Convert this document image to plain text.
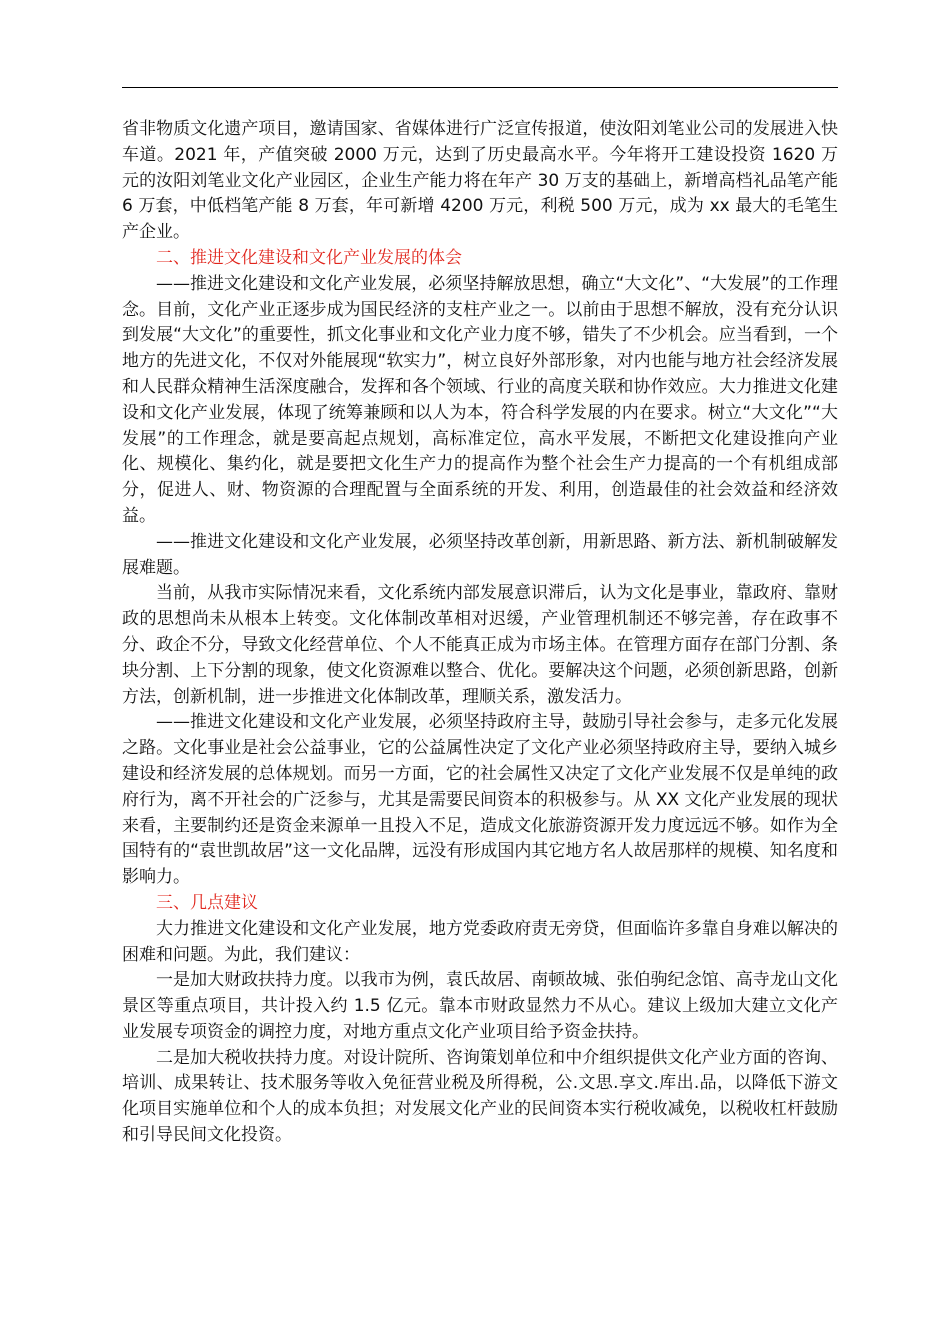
省非物质文化遗产项目，邀请国家、省媒体进行广泛宣传报道，使汝阳刘笔业公司的发展进入快车道。2021 年，产值突破 2000 万元，达到了历史最高水平。今年将开工建设投资 1620 万元的汝阳刘笔业文化产业园区，企业生产能力将在年产 30 万支的基础上，新增高档礼品笔产能 6 万套，中低档笔产能 8 万套，年可新增 4200 万元，利税 500 万元，成为 xx 最大的毛笔生产企业。

二、推进文化建设和文化产业发展的体会

——推进文化建设和文化产业发展，必须坚持解放思想，确立“大文化”、“大发展”的工作理念。目前，文化产业正逐步成为国民经济的支柱产业之一。以前由于思想不解放，没有充分认识到发展“大文化”的重要性，抓文化事业和文化产业力度不够，错失了不少机会。应当看到，一个地方的先进文化，不仅对外能展现“软实力”，树立良好外部形象，对内也能与地方社会经济发展和人民群众精神生活深度融合，发挥和各个领域、行业的高度关联和协作效应。大力推进文化建设和文化产业发展，体现了统筹兼顾和以人为本，符合科学发展的内在要求。树立“大文化”“大发展”的工作理念，就是要高起点规划，高标准定位，高水平发展，不断把文化建设推向产业化、规模化、集约化，就是要把文化生产力的提高作为整个社会生产力提高的一个有机组成部分，促进人、财、物资源的合理配置与全面系统的开发、利用，创造最佳的社会效益和经济效益。

——推进文化建设和文化产业发展，必须坚持改革创新，用新思路、新方法、新机制破解发展难题。

当前，从我市实际情况来看，文化系统内部发展意识滞后，认为文化是事业，靠政府、靠财政的思想尚未从根本上转变。文化体制改革相对迟缓，产业管理机制还不够完善，存在政事不分、政企不分，导致文化经营单位、个人不能真正成为市场主体。在管理方面存在部门分割、条块分割、上下分割的现象，使文化资源难以整合、优化。要解决这个问题，必须创新思路，创新方法，创新机制，进一步推进文化体制改革，理顺关系，激发活力。

——推进文化建设和文化产业发展，必须坚持政府主导，鼓励引导社会参与，走多元化发展之路。文化事业是社会公益事业，它的公益属性决定了文化产业必须坚持政府主导，要纳入城乡建设和经济发展的总体规划。而另一方面，它的社会属性又决定了文化产业发展不仅是单纯的政府行为，离不开社会的广泛参与，尤其是需要民间资本的积极参与。从 XX 文化产业发展的现状来看，主要制约还是资金来源单一且投入不足，造成文化旅游资源开发力度远远不够。如作为全国特有的“袁世凯故居”这一文化品牌，远没有形成国内其它地方名人故居那样的规模、知名度和影响力。

三、几点建议

大力推进文化建设和文化产业发展，地方党委政府责无旁贷，但面临许多靠自身难以解决的困难和问题。为此，我们建议：

一是加大财政扶持力度。以我市为例，袁氏故居、南顿故城、张伯驹纪念馆、高寺龙山文化景区等重点项目，共计投入约 1.5 亿元。靠本市财政显然力不从心。建议上级加大建立文化产业发展专项资金的调控力度，对地方重点文化产业项目给予资金扶持。

二是加大税收扶持力度。对设计院所、咨询策划单位和中介组织提供文化产业方面的咨询、培训、成果转让、技术服务等收入免征营业税及所得税，公.文思.享文.库出.品，以降低下游文化项目实施单位和个人的成本负担；对发展文化产业的民间资本实行税收减免，以税收杠杆鼓励和引导民间文化投资。
